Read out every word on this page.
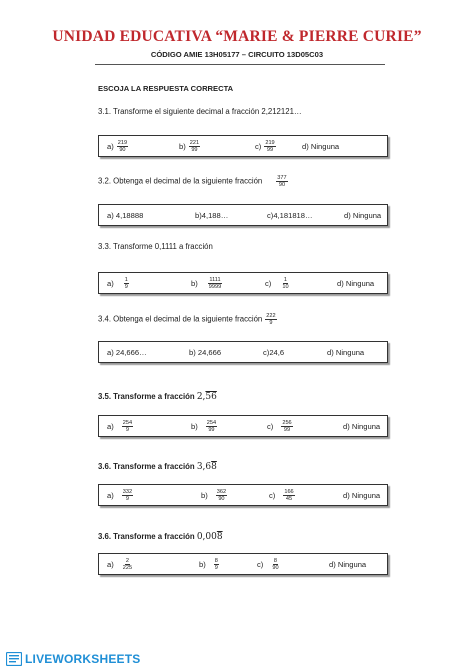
UNIDAD EDUCATIVA “MARIE & PIERRE CURIE”
CÓDIGO AMIE 13H05177 – CIRCUITO 13D05C03
ESCOJA LA RESPUESTA CORRECTA
3.1. Transforme el siguiente decimal a fracción 2,212121…
$a) \frac{219}{90}$	$b) \frac{221}{99}$	$c) \frac{219}{99}$	d) Ninguna
3.2. Obtenga el decimal de la siguiente fracción	$\frac{377}{90}$
a) 4,18888	b)4,188…	c)4,181818…	d) Ninguna
3.3. Transforme 0,1111 a fracción
$a) \frac{1}{9}$	$b) \frac{1111}{9999}$	$c) \frac{1}{10}$	d) Ninguna
3.4. Obtenga el decimal de la siguiente fracción $\frac{222}{9}$
a) 24,666…	b) 24,666	c)24,6	d) Ninguna
3.5. Transforme a fracción 2,56
$a) \frac{254}{9}$	$b) \frac{254}{99}$	$c) \frac{256}{99}$	d) Ninguna
3.6. Transforme a fracción 3,68
$a) \frac{332}{9}$	$b) \frac{362}{90}$	$c) \frac{166}{45}$	d) Ninguna
3.6. Transforme a fracción 0,008
$a) \frac{2}{225}$	$b) \frac{8}{9}$	$c) \frac{8}{90}$	d) Ninguna
LIVEWORKSHEETS
